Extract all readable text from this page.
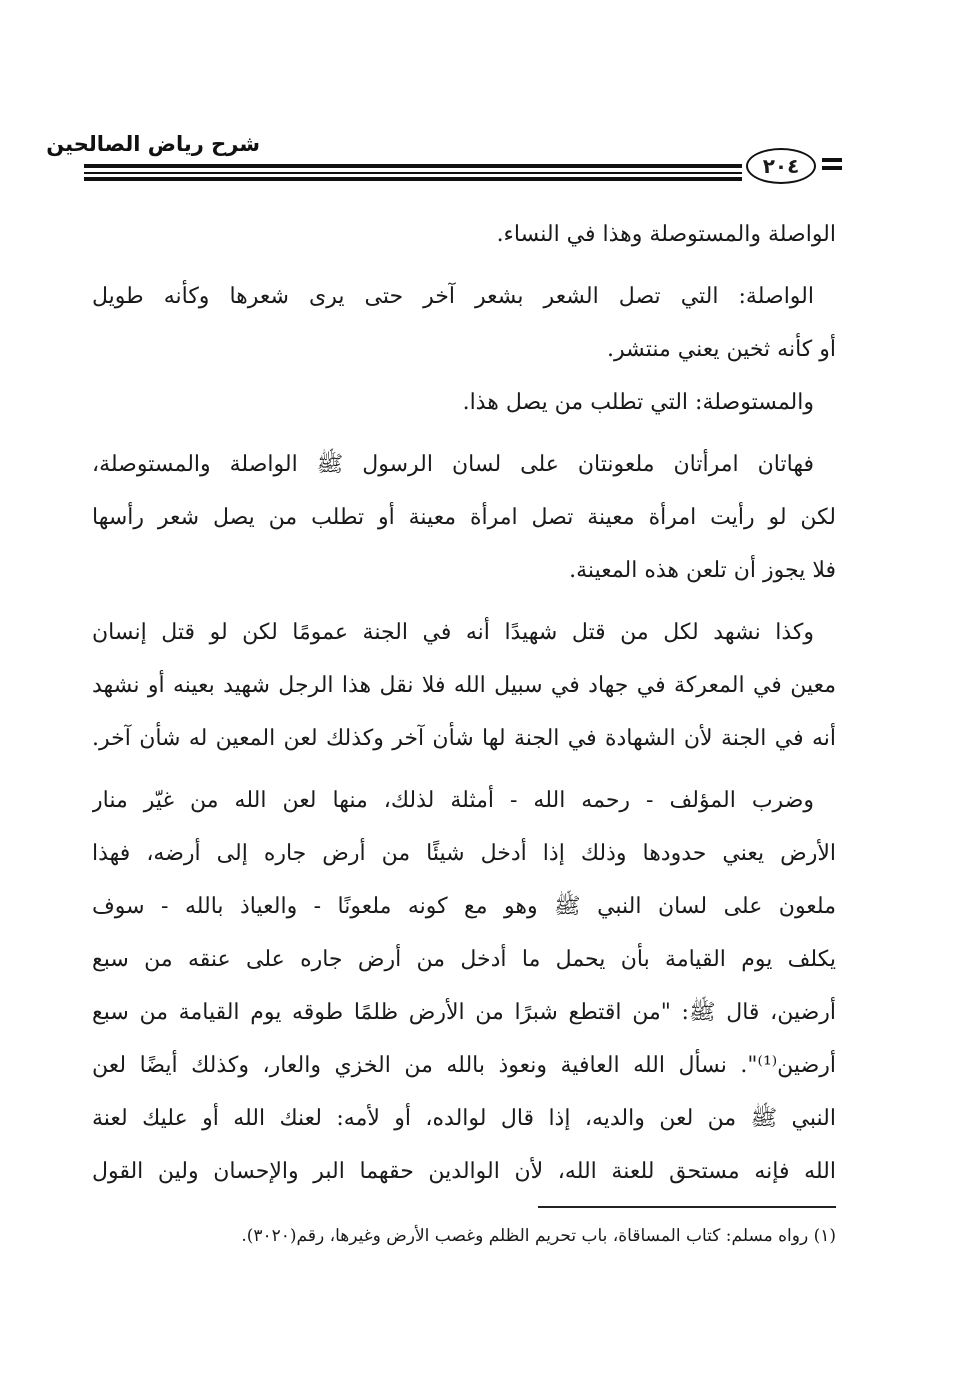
شرح رياض الصالحين
٢٠٤
الواصلة والمستوصلة وهذا في النساء.
الواصلة: التي تصل الشعر بشعر آخر حتى يرى شعرها وكأنه طويل
أو كأنه ثخين يعني منتشر.
والمستوصلة: التي تطلب من يصل هذا.
فهاتان امرأتان ملعونتان على لسان الرسول ﷺ الواصلة والمستوصلة،
لكن لو رأيت امرأة معينة تصل امرأة معينة أو تطلب من يصل شعر رأسها
فلا يجوز أن تلعن هذه المعينة.
وكذا نشهد لكل من قتل شهيدًا أنه في الجنة عمومًا لكن لو قتل إنسان
معين في المعركة في جهاد في سبيل الله فلا نقل هذا الرجل شهيد بعينه أو نشهد
أنه في الجنة لأن الشهادة في الجنة لها شأن آخر وكذلك لعن المعين له شأن آخر.
وضرب المؤلف - رحمه الله - أمثلة لذلك، منها لعن الله من غيّر منار
الأرض يعني حدودها وذلك إذا أدخل شيئًا من أرض جاره إلى أرضه، فهذا
ملعون على لسان النبي ﷺ وهو مع كونه ملعونًا - والعياذ بالله - سوف
يكلف يوم القيامة بأن يحمل ما أدخل من أرض جاره على عنقه من سبع
أرضين، قال ﷺ: "من اقتطع شبرًا من الأرض ظلمًا طوقه يوم القيامة من سبع
أرضين⁽¹⁾". نسأل الله العافية ونعوذ بالله من الخزي والعار، وكذلك أيضًا لعن
النبي ﷺ من لعن والديه، إذا قال لوالده، أو لأمه: لعنك الله أو عليك لعنة
الله فإنه مستحق للعنة الله، لأن الوالدين حقهما البر والإحسان ولين القول
(١) رواه مسلم: كتاب المساقاة، باب تحريم الظلم وغصب الأرض وغيرها، رقم(٣٠٢٠).
